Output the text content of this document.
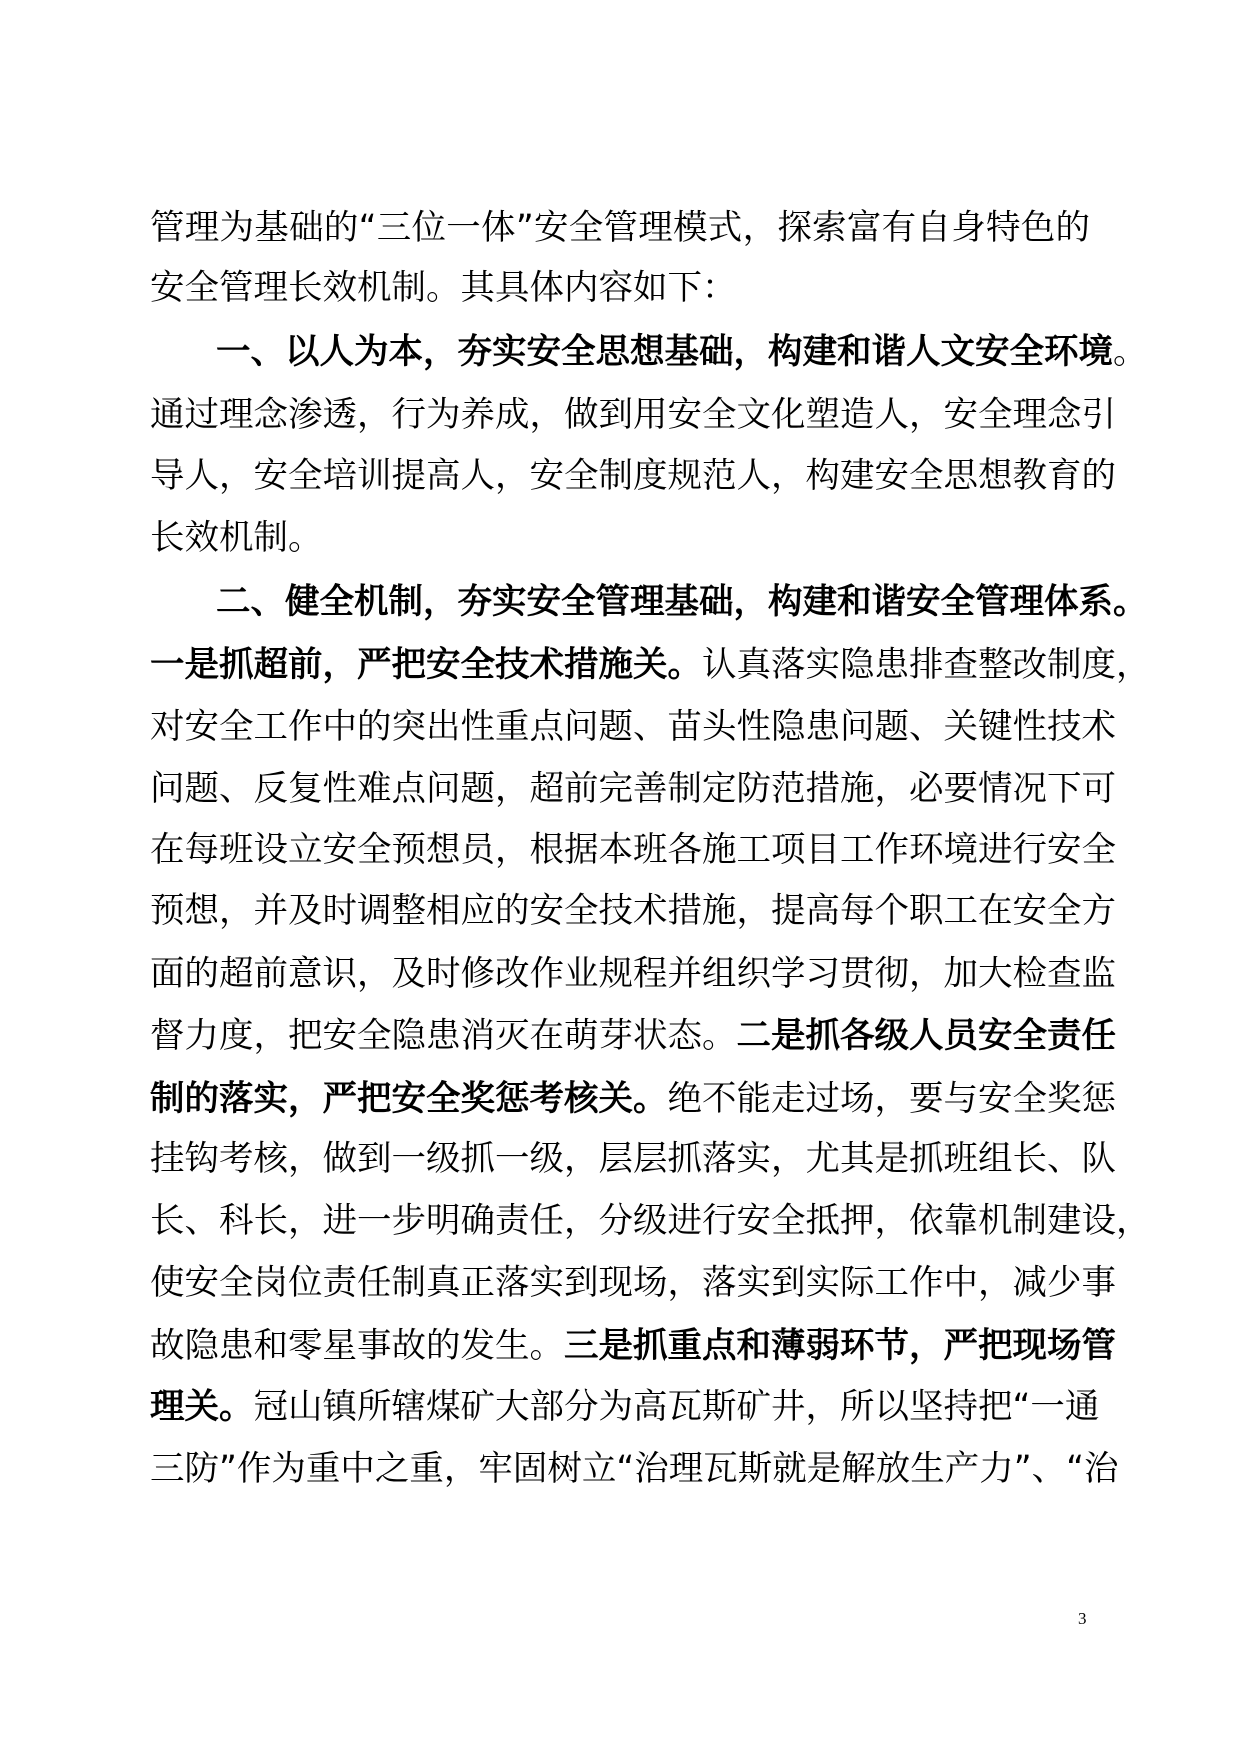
管理为基础的“三位一体”安全管理模式，探索富有自身特色的
安全管理长效机制。其具体内容如下：
一、以人为本，夯实安全思想基础，构建和谐人文安全环境。
通过理念渗透，行为养成，做到用安全文化塑造人，安全理念引
导人，安全培训提高人，安全制度规范人，构建安全思想教育的
长效机制。
二、健全机制，夯实安全管理基础，构建和谐安全管理体系。
一是抓超前，严把安全技术措施关。认真落实隐患排查整改制度，
对安全工作中的突出性重点问题、苗头性隐患问题、关键性技术
问题、反复性难点问题，超前完善制定防范措施，必要情况下可
在每班设立安全预想员，根据本班各施工项目工作环境进行安全
预想，并及时调整相应的安全技术措施，提高每个职工在安全方
面的超前意识，及时修改作业规程并组织学习贯彻，加大检查监
督力度，把安全隐患消灭在萌芽状态。二是抓各级人员安全责任
制的落实，严把安全奖惩考核关。绝不能走过场，要与安全奖惩
挂钩考核，做到一级抓一级，层层抓落实，尤其是抓班组长、队
长、科长，进一步明确责任，分级进行安全抵押，依靠机制建设，
使安全岗位责任制真正落实到现场，落实到实际工作中，减少事
故隐患和零星事故的发生。三是抓重点和薄弱环节，严把现场管
理关。冠山镇所辖煤矿大部分为高瓦斯矿井，所以坚持把“一通
三防”作为重中之重，牢固树立“治理瓦斯就是解放生产力”、“治
3
